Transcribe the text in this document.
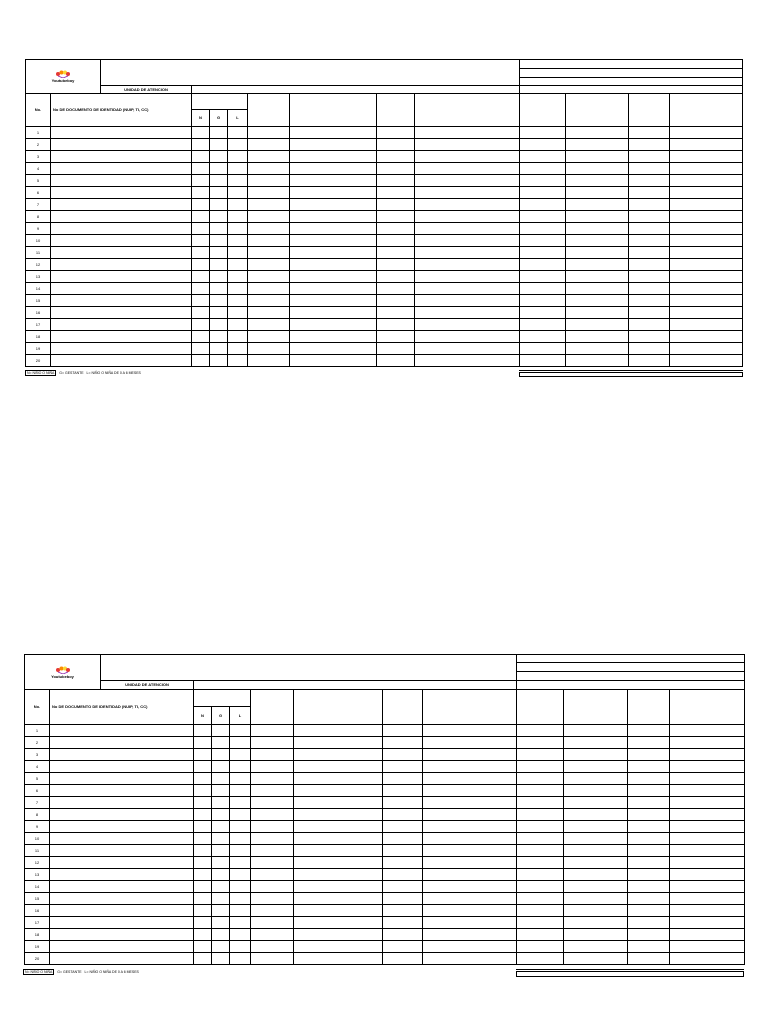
Youtubeboy													

		UNIDAD DE ATENCION											
No.	No DE DOCUMENTO DE IDENTIDAD (NUIP, TI, CC)												
			N	G	L								
1													
2													
3													
4													
5													
6													
7													
8													
9													
10													
11													
12													
13													
14													
15													
16													
17													
18													
19													
20													
N= NIÑO O NIÑA G= GESTANTE L= NIÑO O NIÑA DE 0 A 6 MESES
Youtubeboy													

		UNIDAD DE ATENCION											
No.	No DE DOCUMENTO DE IDENTIDAD (NUIP, TI, CC)												
			N	G	L								
1													
2													
3													
4													
5													
6													
7													
8													
9													
10													
11													
12													
13													
14													
15													
16													
17													
18													
19													
20													
N= NIÑO O NIÑA G= GESTANTE L= NIÑO O NIÑA DE 0 A 6 MESES
